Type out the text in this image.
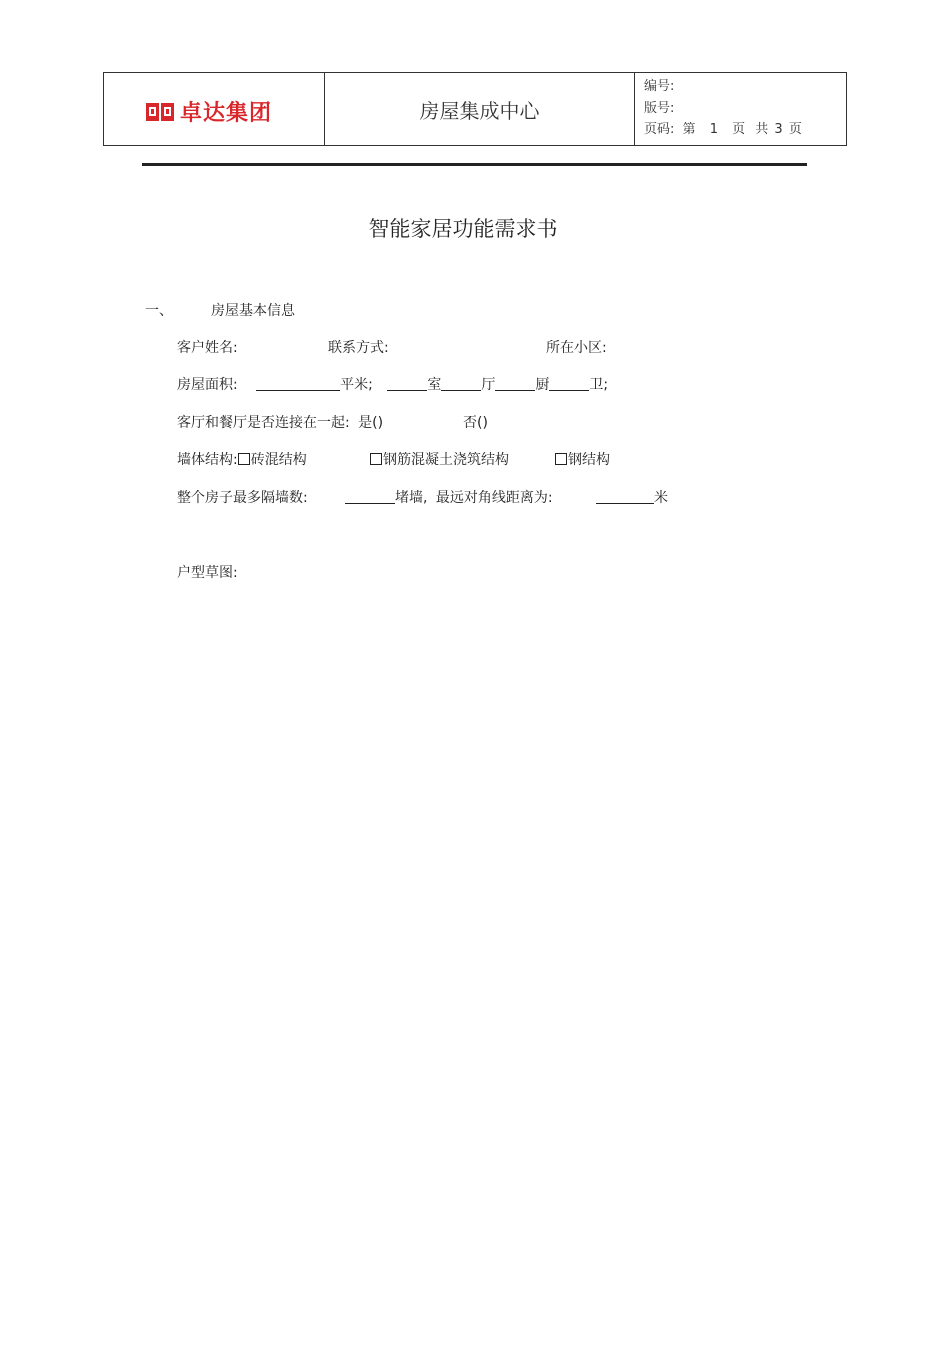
卓达集团	房屋集成中心
编号:
版号:
页码: 第 1 页 共 3 页
智能家居功能需求书
一、	房屋基本信息
客户姓名:	联系方式:	所在小区:
房屋面积:	平米;	室	厅	厨	卫;
客厅和餐厅是否连接在一起: 是()	否()
墙体结构: 砖混结构	钢筋混凝土浇筑结构	钢结构
整个房子最多隔墙数:	堵墙, 最远对角线距离为:	米
户型草图:
